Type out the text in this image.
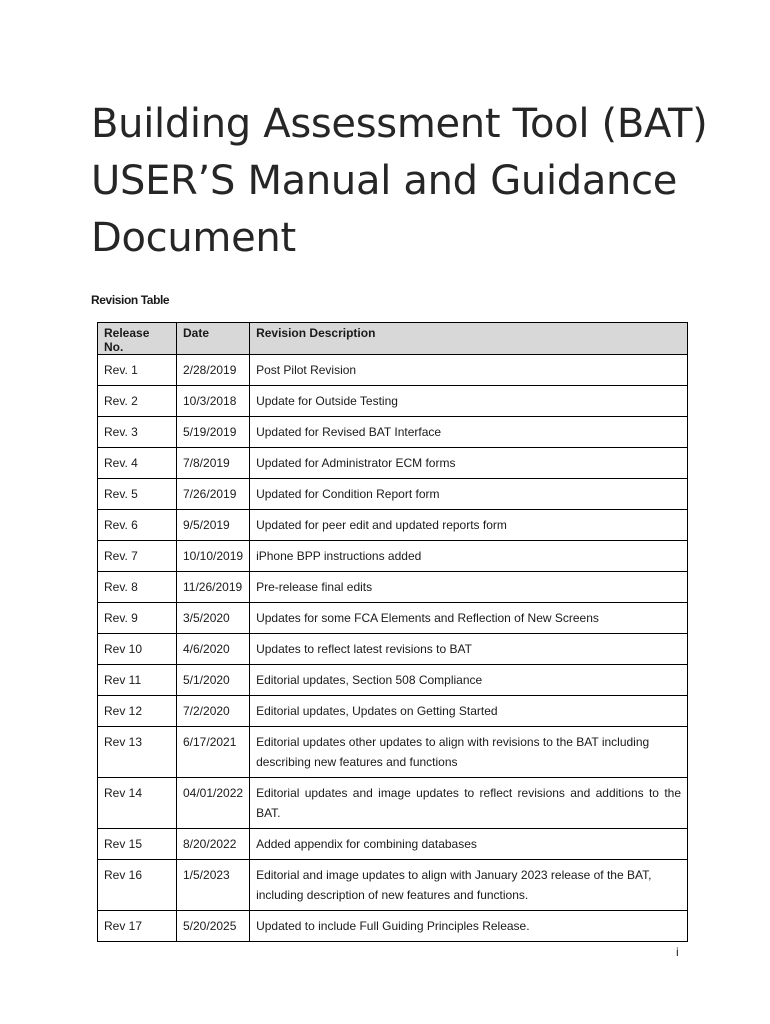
Building Assessment Tool (BAT)
USER’S Manual and Guidance
Document
Revision Table
Release No.	Date	Revision Description
Rev. 1	2/28/2019	Post Pilot Revision
Rev. 2	10/3/2018	Update for Outside Testing
Rev. 3	5/19/2019	Updated for Revised BAT Interface
Rev. 4	7/8/2019	Updated for Administrator ECM forms
Rev. 5	7/26/2019	Updated for Condition Report form
Rev. 6	9/5/2019	Updated for peer edit and updated reports form
Rev. 7	10/10/2019	iPhone BPP instructions added
Rev. 8	11/26/2019	Pre-release final edits
Rev. 9	3/5/2020	Updates for some FCA Elements and Reflection of New Screens
Rev 10	4/6/2020	Updates to reflect latest revisions to BAT
Rev 11	5/1/2020	Editorial updates, Section 508 Compliance
Rev 12	7/2/2020	Editorial updates, Updates on Getting Started
Rev 13	6/17/2021	Editorial updates other updates to align with revisions to the BAT including describing new features and functions
Rev 14	04/01/2022	Editorial updates and image updates to reflect revisions and additions to the BAT.
Rev 15	8/20/2022	Added appendix for combining databases
Rev 16	1/5/2023	Editorial and image updates to align with January 2023 release of the BAT, including description of new features and functions.
Rev 17	5/20/2025	Updated to include Full Guiding Principles Release.
i
